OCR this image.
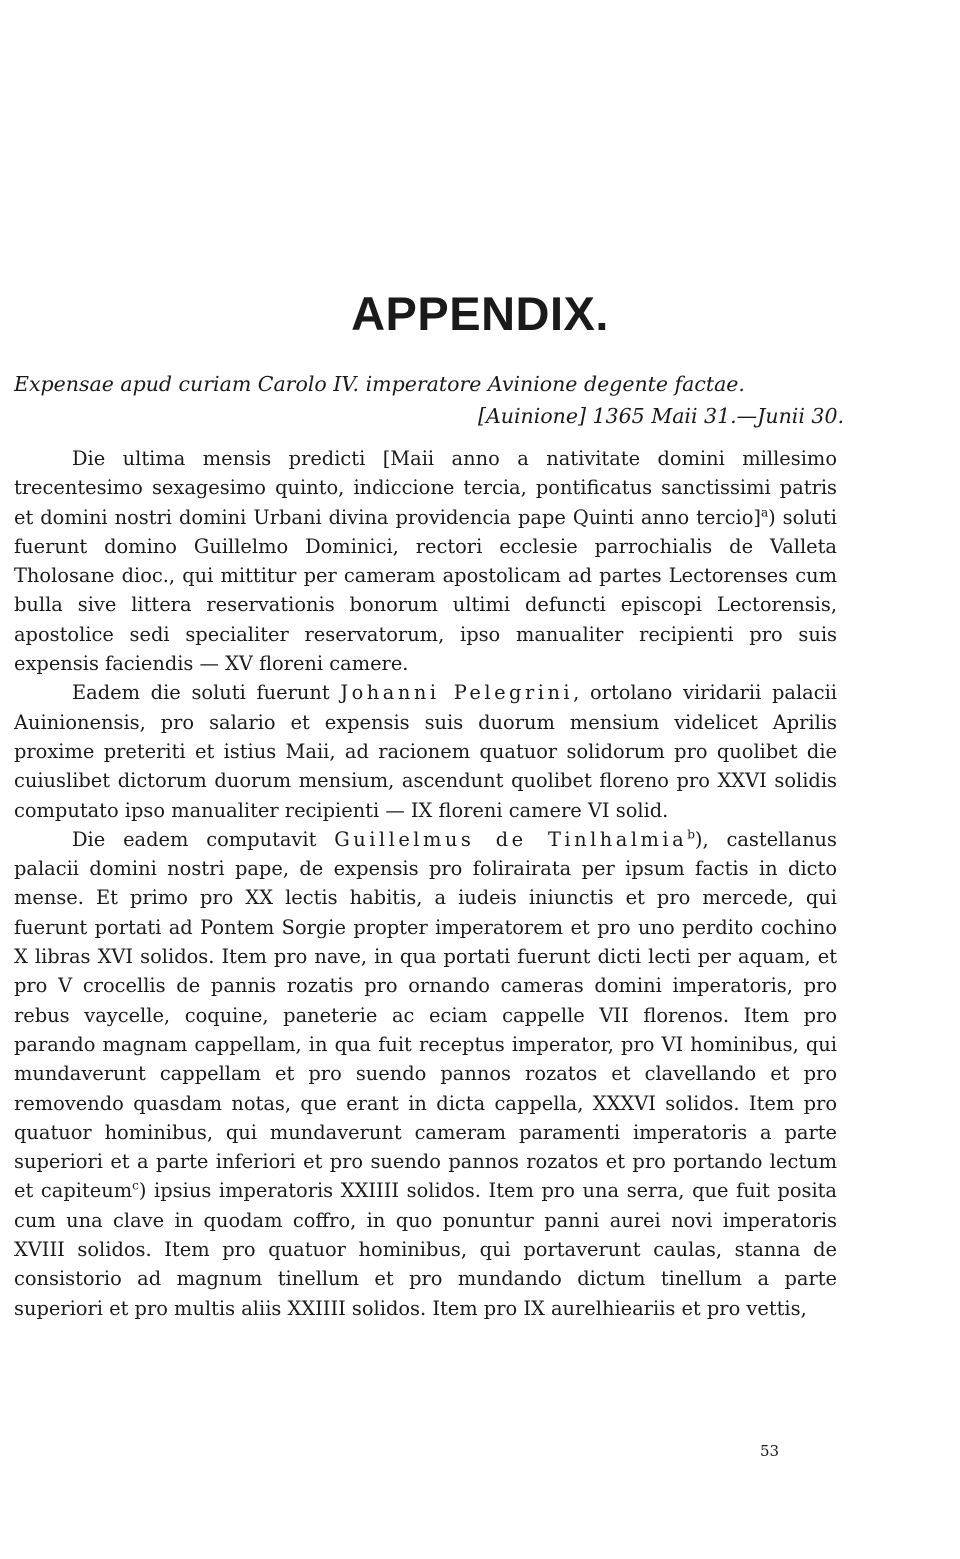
APPENDIX.
Expensae apud curiam Carolo IV. imperatore Avinione degente factae.
[Auinione] 1365 Maii 31.—Junii 30.

Die ultima mensis predicti [Maii anno a nativitate domini millesimo trecentesimo sexagesimo quinto, indiccione tercia, pontificatus sanctissimi patris et domini nostri domini Urbani divina providencia pape Quinti anno tercio]$^a$) soluti fuerunt domino Guillelmo Dominici, rectori ecclesie parrochialis de Valleta Tholosane dioc., qui mittitur per cameram apostolicam ad partes Lectorenses cum bulla sive littera reservationis bonorum ultimi defuncti episcopi Lectorensis, apostolice sedi specialiter reservatorum, ipso manualiter recipienti pro suis expensis faciendis — XV floreni camere.

Eadem die soluti fuerunt Johanni Pelegrini, ortolano viridarii palacii Auinionensis, pro salario et expensis suis duorum mensium videlicet Aprilis proxime preteriti et istius Maii, ad racionem quatuor solidorum pro quolibet die cuiuslibet dictorum duorum mensium, ascendunt quolibet floreno pro XXVI solidis computato ipso manualiter recipienti — IX floreni camere VI solid.

Die eadem computavit Guillelmus de Tinlhalmia$^b$), castellanus palacii domini nostri pape, de expensis pro folirairata per ipsum factis in dicto mense. Et primo pro XX lectis habitis, a iudeis iniunctis et pro mercede, qui fuerunt portati ad Pontem Sorgie propter imperatorem et pro uno perdito cochino X libras XVI solidos. Item pro nave, in qua portati fuerunt dicti lecti per aquam, et pro V crocellis de pannis rozatis pro ornando cameras domini imperatoris, pro rebus vaycelle, coquine, paneterie ac eciam cappelle VII florenos. Item pro parando magnam cappellam, in qua fuit receptus imperator, pro VI hominibus, qui mundaverunt cappellam et pro suendo pannos rozatos et clavellando et pro removendo quasdam notas, que erant in dicta cappella, XXXVI solidos. Item pro quatuor hominibus, qui mundaverunt cameram paramenti imperatoris a parte superiori et a parte inferiori et pro suendo pannos rozatos et pro portando lectum et capiteum$^c$) ipsius imperatoris XXIIII solidos. Item pro una serra, que fuit posita cum una clave in quodam coffro, in quo ponuntur panni aurei novi imperatoris XVIII solidos. Item pro quatuor hominibus, qui portaverunt caulas, stanna de consistorio ad magnum tinellum et pro mundando dictum tinellum a parte superiori et pro multis aliis XXIIII solidos. Item pro IX aurelhieariis et pro vettis,

53
